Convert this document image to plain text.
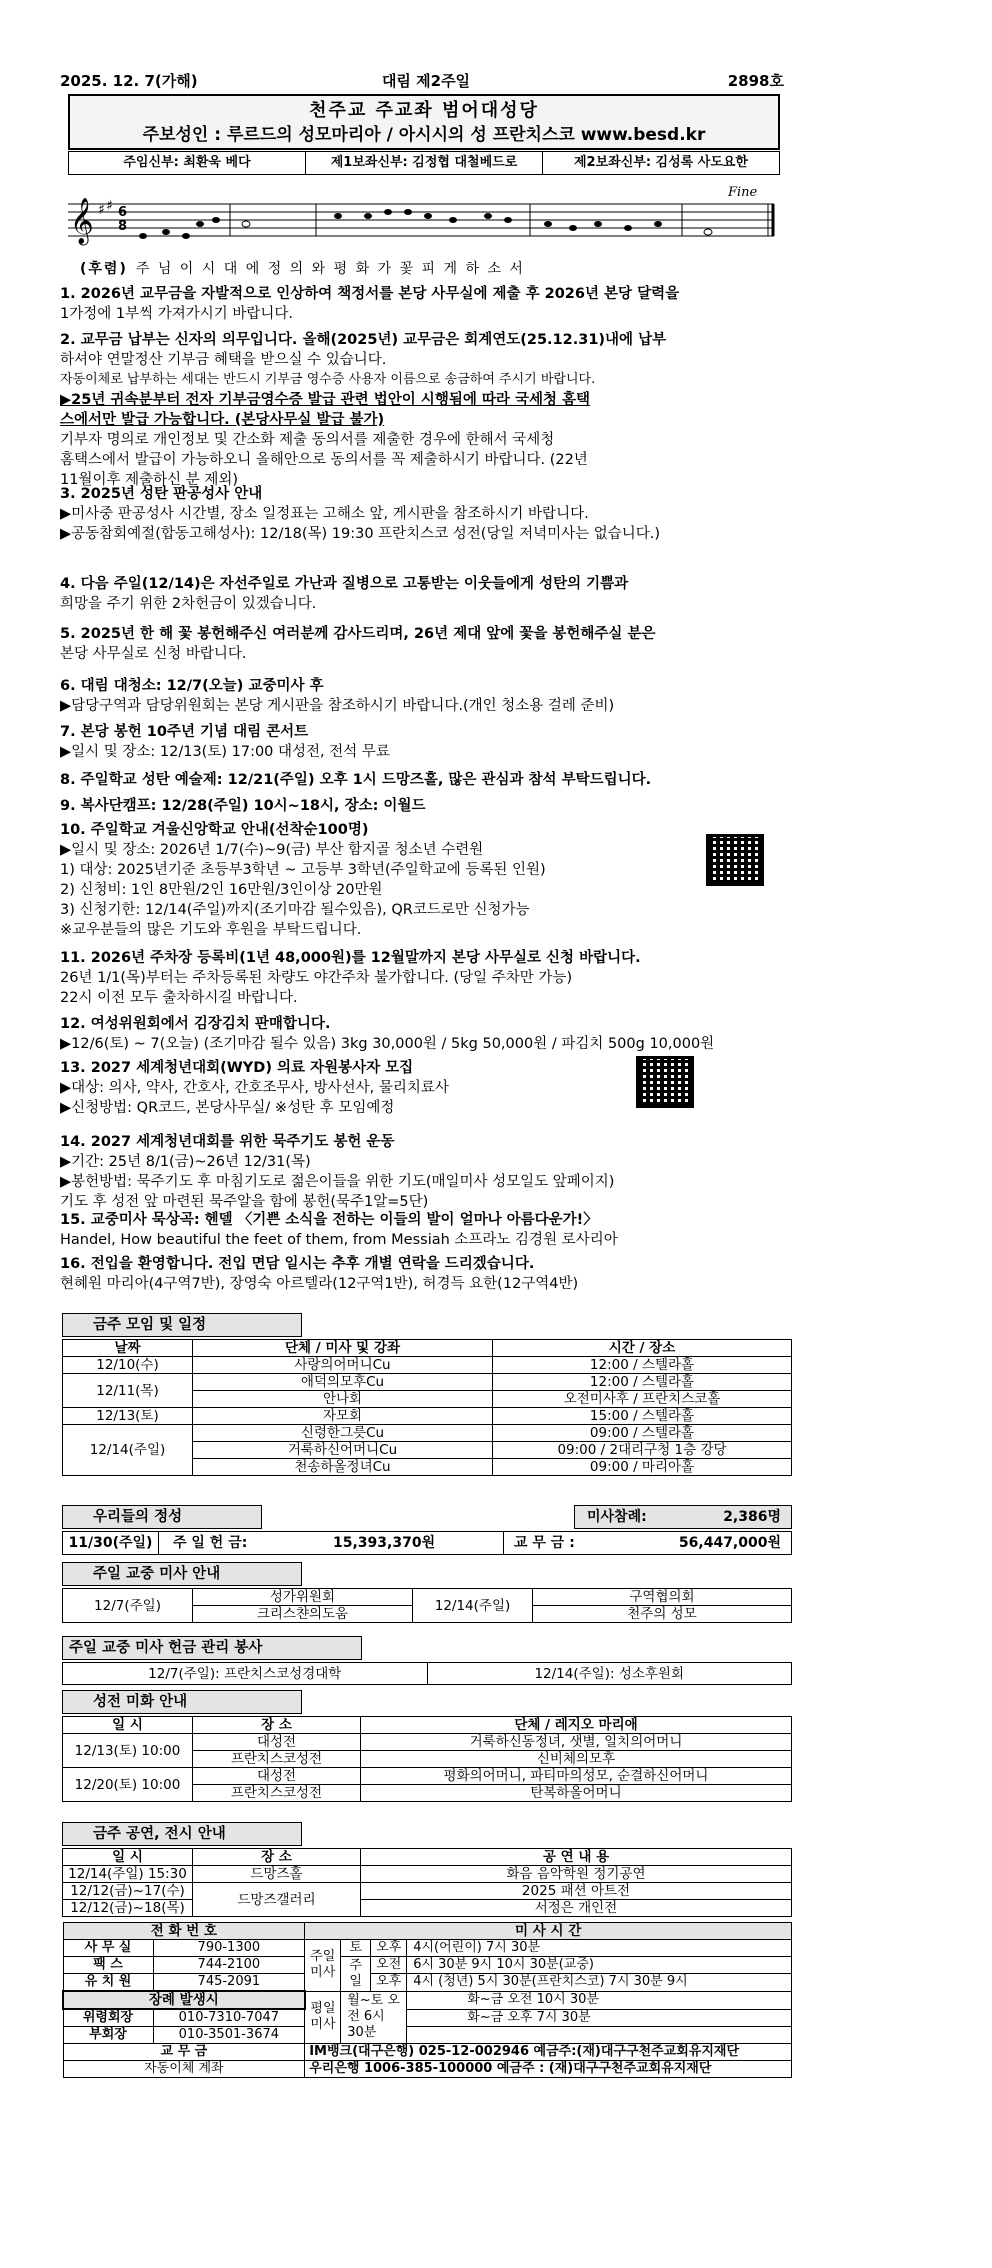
2025. 12. 7(가해)	대림 제2주일	2898호
천주교 주교좌 범어대성당
주보성인 : 루르드의 성모마리아 / 아시시의 성 프란치스코 www.besd.kr
주임신부: 최환욱 베다	제1보좌신부: 김정협 대철베드로	제2보좌신부: 김성록 사도요한
𝄞 ♯ ♯ 6
8
Fine
(후렴) 주 님 이 시 대 에 정 의 와 평 화 가 꽃 피 게 하 소 서
1. 2026년 교무금을 자발적으로 인상하여 책정서를 본당 사무실에 제출 후 2026년 본당 달력을
1가정에 1부씩 가져가시기 바랍니다.
2. 교무금 납부는 신자의 의무입니다. 올해(2025년) 교무금은 회계연도(25.12.31)내에 납부
하셔야 연말정산 기부금 혜택을 받으실 수 있습니다.
자동이체로 납부하는 세대는 반드시 기부금 영수증 사용자 이름으로 송금하여 주시기 바랍니다.
▶25년 귀속분부터 전자 기부금영수증 발급 관련 법안이 시행됨에 따라 국세청 홈택
스에서만 발급 가능합니다. (본당사무실 발급 불가)
기부자 명의로 개인정보 및 간소화 제출 동의서를 제출한 경우에 한해서 국세청
홈택스에서 발급이 가능하오니 올해안으로 동의서를 꼭 제출하시기 바랍니다. (22년
11월이후 제출하신 분 제외)
3. 2025년 성탄 판공성사 안내
▶미사중 판공성사 시간별, 장소 일정표는 고해소 앞, 게시판을 참조하시기 바랍니다.
▶공동참회예절(합동고해성사): 12/18(목) 19:30 프란치스코 성전(당일 저녁미사는 없습니다.)
4. 다음 주일(12/14)은 자선주일로 가난과 질병으로 고통받는 이웃들에게 성탄의 기쁨과
희망을 주기 위한 2차헌금이 있겠습니다.
5. 2025년 한 해 꽃 봉헌해주신 여러분께 감사드리며, 26년 제대 앞에 꽃을 봉헌해주실 분은
본당 사무실로 신청 바랍니다.
6. 대림 대청소: 12/7(오늘) 교중미사 후
▶담당구역과 담당위원회는 본당 게시판을 참조하시기 바랍니다.(개인 청소용 걸레 준비)
7. 본당 봉헌 10주년 기념 대림 콘서트
▶일시 및 장소: 12/13(토) 17:00 대성전, 전석 무료
8. 주일학교 성탄 예술제: 12/21(주일) 오후 1시 드망즈홀, 많은 관심과 참석 부탁드립니다.
9. 복사단캠프: 12/28(주일) 10시~18시, 장소: 이월드
10. 주일학교 겨울신앙학교 안내(선착순100명)
▶일시 및 장소: 2026년 1/7(수)~9(금) 부산 함지골 청소년 수련원
1) 대상: 2025년기준 초등부3학년 ~ 고등부 3학년(주일학교에 등록된 인원)
2) 신청비: 1인 8만원/2인 16만원/3인이상 20만원
3) 신청기한: 12/14(주일)까지(조기마감 될수있음), QR코드로만 신청가능
※교우분들의 많은 기도와 후원을 부탁드립니다.
11. 2026년 주차장 등록비(1년 48,000원)를 12월말까지 본당 사무실로 신청 바랍니다.
26년 1/1(목)부터는 주차등록된 차량도 야간주차 불가합니다. (당일 주차만 가능)
22시 이전 모두 출차하시길 바랍니다.
12. 여성위원회에서 김장김치 판매합니다.
▶12/6(토) ~ 7(오늘) (조기마감 될수 있음) 3kg 30,000원 / 5kg 50,000원 / 파김치 500g 10,000원
13. 2027 세계청년대회(WYD) 의료 자원봉사자 모집
▶대상: 의사, 약사, 간호사, 간호조무사, 방사선사, 물리치료사
▶신청방법: QR코드, 본당사무실/ ※성탄 후 모임예정
14. 2027 세계청년대회를 위한 묵주기도 봉헌 운동
▶기간: 25년 8/1(금)~26년 12/31(목)
▶봉헌방법: 묵주기도 후 마침기도로 젊은이들을 위한 기도(매일미사 성모일도 앞페이지)
기도 후 성전 앞 마련된 묵주알을 함에 봉헌(묵주1알=5단)
15. 교중미사 묵상곡: 헨델 〈기쁜 소식을 전하는 이들의 발이 얼마나 아름다운가!〉
Handel, How beautiful the feet of them, from Messiah 소프라노 김경원 로사리아
16. 전입을 환영합니다. 전입 면담 일시는 추후 개별 연락을 드리겠습니다.
현혜원 마리아(4구역7반), 장영숙 아르텔라(12구역1반), 허경득 요한(12구역4반)
금주 모임 및 일정
날짜	단체 / 미사 및 강좌	시간 / 장소
12/10(수)	사랑의어머니Cu	12:00 / 스텔라홀
12/11(목)	애덕의모후Cu	12:00 / 스텔라홀
	안나회	오전미사후 / 프란치스코홀
12/13(토)	자모회	15:00 / 스텔라홀
12/14(주일)	신령한그릇Cu	09:00 / 스텔라홀
	거룩하신어머니Cu	09:00 / 2대리구청 1층 강당
	천송하올정녀Cu	09:00 / 마리아홀
우리들의 정성	미사참례:	2,386명
11/30(주일)	주 일 헌 금:	15,393,370원	교 무 금 :	56,447,000원
주일 교중 미사 안내
12/7(주일)	성가위원회	12/14(주일)	구역협의회
	크리스챤의도움		천주의 성모
주일 교중 미사 헌금 관리 봉사
12/7(주일): 프란치스코성경대학	12/14(주일): 성소후원회
성전 미화 안내
일 시	장 소	단체 / 레지오 마리애
12/13(토) 10:00	대성전	거룩하신동정녀, 샛별, 일치의어머니
	프란치스코성전	신비체의모후
12/20(토) 10:00	대성전	평화의어머니, 파티마의성모, 순결하신어머니
	프란치스코성전	탄복하올어머니
금주 공연, 전시 안내
일 시	장 소	공 연 내 용
12/14(주일) 15:30	드망즈홀	화음 음악학원 정기공연
12/12(금)~17(수)	드망즈갤러리	2025 패션 아트전
12/12(금)~18(목)		서정은 개인전
전 화 번 호		미 사 시 간			
사 무 실	790-1300	주일 미사	토	오후	4시(어린이) 7시 30분
팩 스	744-2100		주일	오전	6시 30분 9시 10시 30분(교중)
유 치 원	745-2091			오후	4시 (청년) 5시 30분(프란치스코) 7시 30분 9시
장례 발생시		평일 미사	월~토 오전 6시 30분		화~금 오전 10시 30분
위령회장	010-7310-7047				화~금 오후 7시 30분
부회장	010-3501-3674				
교 무 금		IM뱅크(대구은행) 025-12-002946 예금주:(재)대구구천주교회유지재단			
자동이체 계좌		우리은행 1006-385-100000 예금주 : (재)대구구천주교회유지재단			
